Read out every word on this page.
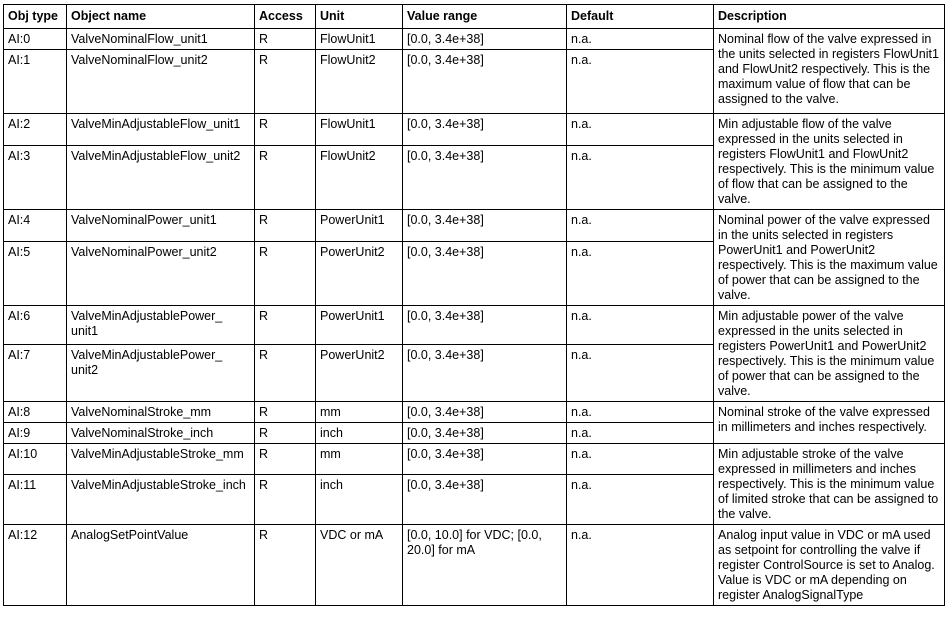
Obj type	Object name	Access	Unit	Value range	Default	Description
AI:0	ValveNominalFlow_unit1	R	FlowUnit1	[0.0, 3.4e+38]	n.a.	Nominal flow of the valve expressed in the units selected in registers FlowUnit1 and FlowUnit2 respectively. This is the maximum value of flow that can be assigned to the valve.
AI:1	ValveNominalFlow_unit2	R	FlowUnit2	[0.0, 3.4e+38]	n.a.	
AI:2	ValveMinAdjustableFlow_unit1	R	FlowUnit1	[0.0, 3.4e+38]	n.a.	Min adjustable flow of the valve expressed in the units selected in registers FlowUnit1 and FlowUnit2 respectively. This is the minimum value of flow that can be assigned to the valve.
AI:3	ValveMinAdjustableFlow_unit2	R	FlowUnit2	[0.0, 3.4e+38]	n.a.	
AI:4	ValveNominalPower_unit1	R	PowerUnit1	[0.0, 3.4e+38]	n.a.	Nominal power of the valve expressed in the units selected in registers PowerUnit1 and PowerUnit2 respectively. This is the maximum value of power that can be assigned to the valve.
AI:5	ValveNominalPower_unit2	R	PowerUnit2	[0.0, 3.4e+38]	n.a.	
AI:6	ValveMinAdjustablePower_ unit1	R	PowerUnit1	[0.0, 3.4e+38]	n.a.	Min adjustable power of the valve expressed in the units selected in registers PowerUnit1 and PowerUnit2 respectively. This is the minimum value of power that can be assigned to the valve.
AI:7	ValveMinAdjustablePower_ unit2	R	PowerUnit2	[0.0, 3.4e+38]	n.a.	
AI:8	ValveNominalStroke_mm	R	mm	[0.0, 3.4e+38]	n.a.	Nominal stroke of the valve expressed in millimeters and inches respectively.
AI:9	ValveNominalStroke_inch	R	inch	[0.0, 3.4e+38]	n.a.	
AI:10	ValveMinAdjustableStroke_mm	R	mm	[0.0, 3.4e+38]	n.a.	Min adjustable stroke of the valve expressed in millimeters and inches respectively. This is the minimum value of limited stroke that can be assigned to the valve.
AI:11	ValveMinAdjustableStroke_inch	R	inch	[0.0, 3.4e+38]	n.a.	
AI:12	AnalogSetPointValue	R	VDC or mA	[0.0, 10.0] for VDC; [0.0, 20.0] for mA	n.a.	Analog input value in VDC or mA used as setpoint for controlling the valve if register ControlSource is set to Analog. Value is VDC or mA depending on register AnalogSignalType
